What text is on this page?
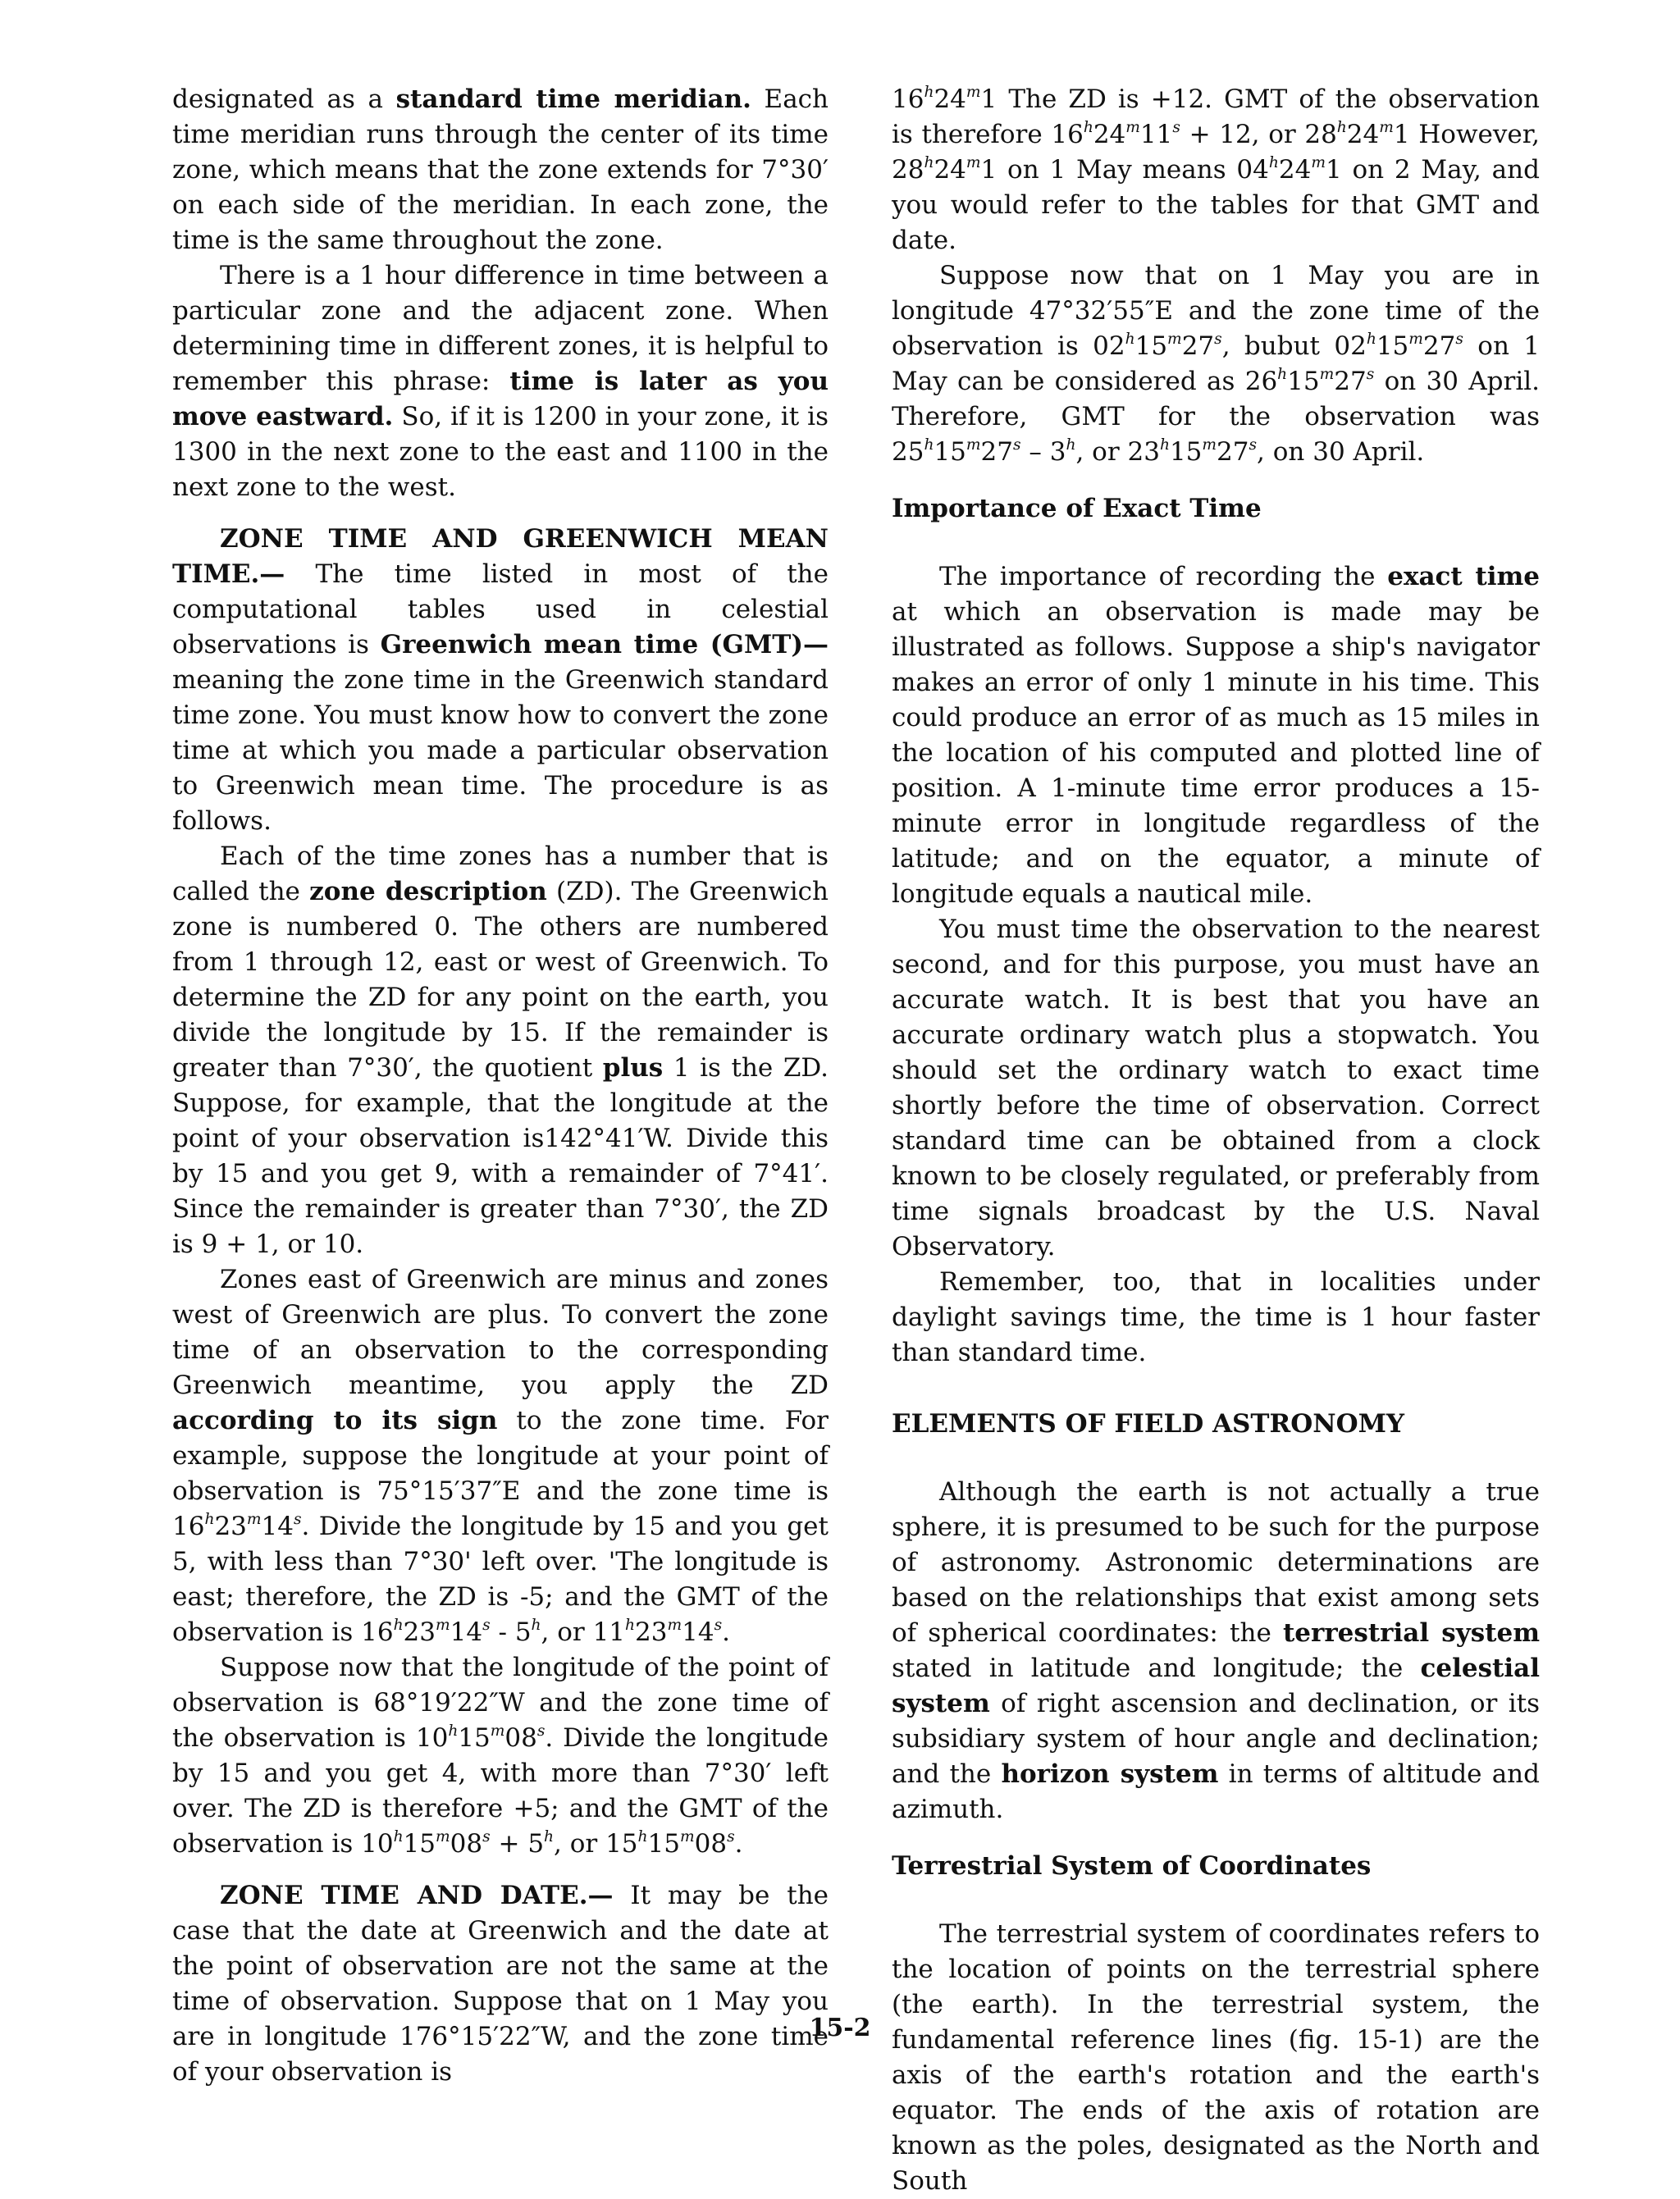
designated as a standard time meridian. Each time meridian runs through the center of its time zone, which means that the zone extends for 7°30′ on each side of the meridian. In each zone, the time is the same throughout the zone.

There is a 1 hour difference in time between a particular zone and the adjacent zone. When determining time in different zones, it is helpful to remember this phrase: time is later as you move eastward. So, if it is 1200 in your zone, it is 1300 in the next zone to the east and 1100 in the next zone to the west.

ZONE TIME AND GREENWICH MEAN TIME.— The time listed in most of the computational tables used in celestial observations is Greenwich mean time (GMT)— meaning the zone time in the Greenwich standard time zone. You must know how to convert the zone time at which you made a particular observation to Greenwich mean time. The procedure is as follows.

Each of the time zones has a number that is called the zone description (ZD). The Greenwich zone is numbered 0. The others are numbered from 1 through 12, east or west of Greenwich. To determine the ZD for any point on the earth, you divide the longitude by 15. If the remainder is greater than 7°30′, the quotient plus 1 is the ZD. Suppose, for example, that the longitude at the point of your observation is142°41′W. Divide this by 15 and you get 9, with a remainder of 7°41′. Since the remainder is greater than 7°30′, the ZD is 9 + 1, or 10.

Zones east of Greenwich are minus and zones west of Greenwich are plus. To convert the zone time of an observation to the corresponding Greenwich meantime, you apply the ZD according to its sign to the zone time. For example, suppose the longitude at your point of observation is 75°15′37″E and the zone time is 16$^h$23$^m$14$^s$. Divide the longitude by 15 and you get 5, with less than 7°30' left over. 'The longitude is east; therefore, the ZD is -5; and the GMT of the observation is 16$^h$23$^m$14$^s$ - 5$^h$, or 11$^h$23$^m$14$^s$.

Suppose now that the longitude of the point of observation is 68°19′22″W and the zone time of the observation is 10$^h$15$^m$08$^s$. Divide the longitude by 15 and you get 4, with more than 7°30′ left over. The ZD is therefore +5; and the GMT of the observation is $10^h15^m08^s + 5^h$, or 15$^h$15$^m$08$^s$.

ZONE TIME AND DATE.— It may be the case that the date at Greenwich and the date at the point of observation are not the same at the time of observation. Suppose that on 1 May you are in longitude 176°15′22″W, and the zone time of your observation is

16$^h$24$^m$1 The ZD is +12. GMT of the observation is therefore $16^h24^m11^s + 12$, or 28$^h$24$^m$1 However, 28$^h$24$^m$1 on 1 May means 04$^h$24$^m$1 on 2 May, and you would refer to the tables for that GMT and date.

Suppose now that on 1 May you are in longitude 47°32′55″E and the zone time of the observation is 02$^h$15$^m$27$^s$, bubut 02$^h$15$^m$27$^s$ on 1 May can be considered as 26$^h$15$^m$27$^s$ on 30 April. Therefore, GMT for the observation was 25$^h$15$^m$27$^s$ – 3$^h$, or 23$^h$15$^m$27$^s$, on 30 April.

Importance of Exact Time

The importance of recording the exact time at which an observation is made may be illustrated as follows. Suppose a ship's navigator makes an error of only 1 minute in his time. This could produce an error of as much as 15 miles in the location of his computed and plotted line of position. A 1-minute time error produces a 15-minute error in longitude regardless of the latitude; and on the equator, a minute of longitude equals a nautical mile.

You must time the observation to the nearest second, and for this purpose, you must have an accurate watch. It is best that you have an accurate ordinary watch plus a stopwatch. You should set the ordinary watch to exact time shortly before the time of observation. Correct standard time can be obtained from a clock known to be closely regulated, or preferably from time signals broadcast by the U.S. Naval Observatory.

Remember, too, that in localities under daylight savings time, the time is 1 hour faster than standard time.

ELEMENTS OF FIELD ASTRONOMY

Although the earth is not actually a true sphere, it is presumed to be such for the purpose of astronomy. Astronomic determinations are based on the relationships that exist among sets of spherical coordinates: the terrestrial system stated in latitude and longitude; the celestial system of right ascension and declination, or its subsidiary system of hour angle and declination; and the horizon system in terms of altitude and azimuth.

Terrestrial System of Coordinates

The terrestrial system of coordinates refers to the location of points on the terrestrial sphere (the earth). In the terrestrial system, the fundamental reference lines (fig. 15-1) are the axis of the earth's rotation and the earth's equator. The ends of the axis of rotation are known as the poles, designated as the North and South

15-2
